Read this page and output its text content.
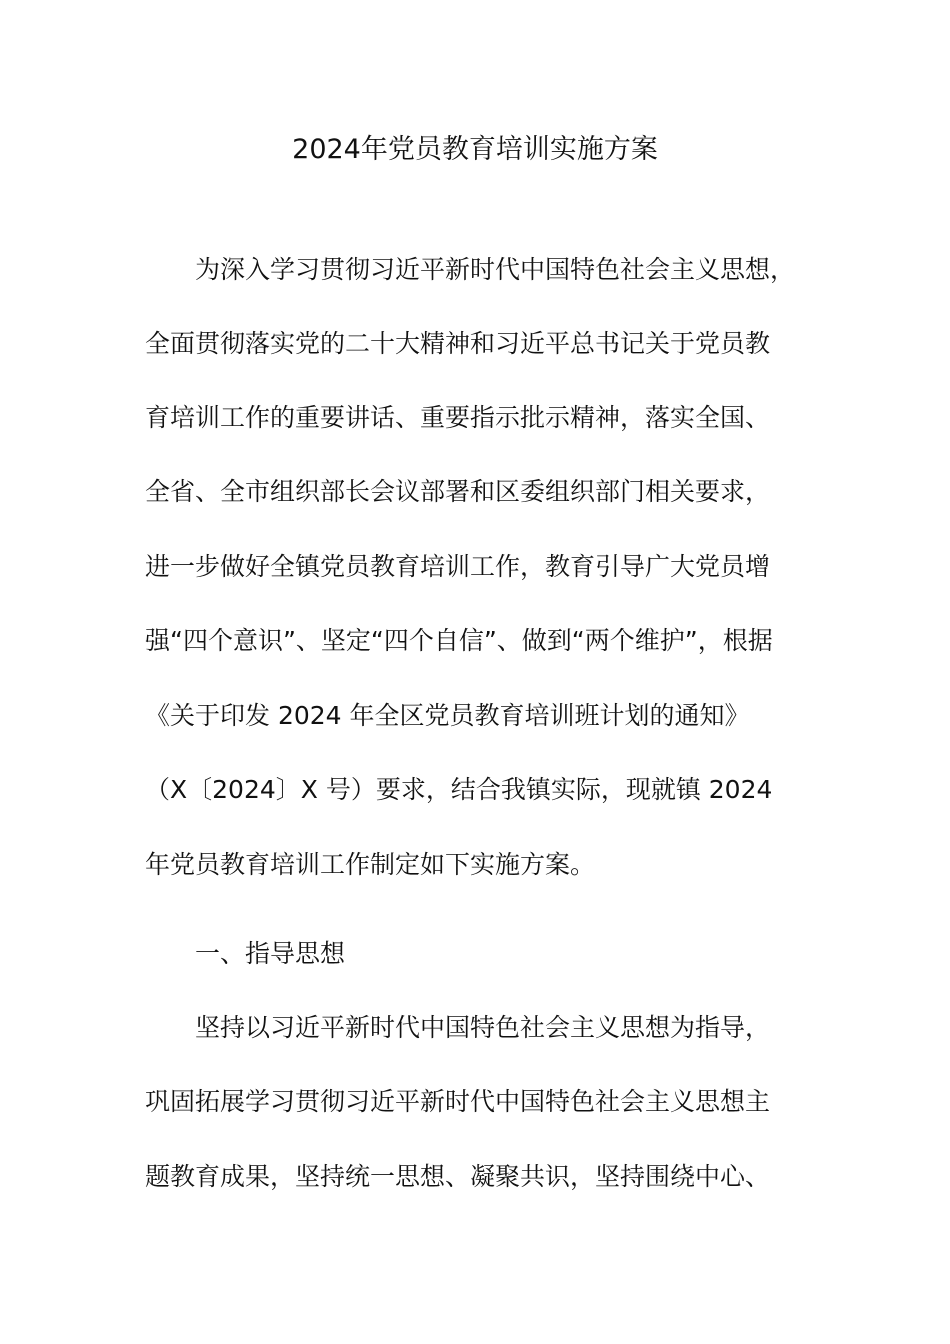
2024年党员教育培训实施方案
为深入学习贯彻习近平新时代中国特色社会主义思想，
全面贯彻落实党的二十大精神和习近平总书记关于党员教
育培训工作的重要讲话、重要指示批示精神，落实全国、
全省、全市组织部长会议部署和区委组织部门相关要求，
进一步做好全镇党员教育培训工作，教育引导广大党员增
强“四个意识”、坚定“四个自信”、做到“两个维护”，根据
《关于印发 2024 年全区党员教育培训班计划的通知》
（X〔2024〕X 号）要求，结合我镇实际，现就镇 2024
年党员教育培训工作制定如下实施方案。
一、指导思想
坚持以习近平新时代中国特色社会主义思想为指导，
巩固拓展学习贯彻习近平新时代中国特色社会主义思想主
题教育成果，坚持统一思想、凝聚共识，坚持围绕中心、
